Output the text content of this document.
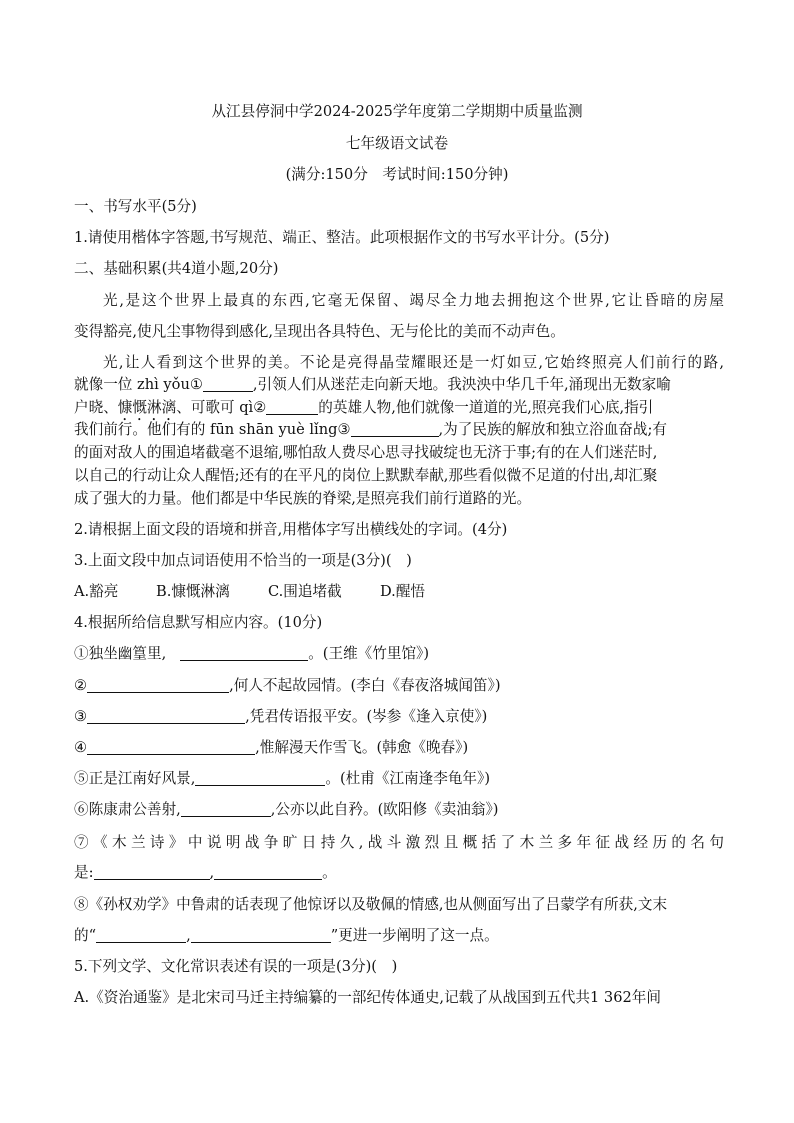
从江县停洞中学2024-2025学年度第二学期期中质量监测
七年级语文试卷
(满分:150分　考试时间:150分钟)
一、书写水平(5分)
1.请使用楷体字答题,书写规范、端正、整洁。此项根据作文的书写水平计分。(5分)
二、基础积累(共4道小题,20分)
光,是这个世界上最真的东西,它毫无保留、竭尽全力地去拥抱这个世界,它让昏暗的房屋
变得豁亮,使凡尘事物得到感化,呈现出各具特色、无与伦比的美而不动声色。
光,让人看到这个世界的美。不论是亮得晶莹耀眼还是一灯如豆,它始终照亮人们前行的路,
就像一位 zhì yǒu①	,引领人们从迷茫走向新天地。我泱泱中华几千年,涌现出无数家喻
户晓、慷慨淋漓、可歌可 qì②	的英雄人物,他们就像一道道的光,照亮我们心底,指引
我们前行。他们有的 fūn shān yuè lǐng③	,为了民族的解放和独立浴血奋战;有
的面对敌人的围追堵截毫不退缩,哪怕敌人费尽心思寻找破绽也无济于事;有的在人们迷茫时,
以自己的行动让众人醒悟;还有的在平凡的岗位上默默奉献,那些看似微不足道的付出,却汇聚
成了强大的力量。他们都是中华民族的脊梁,是照亮我们前行道路的光。
2.请根据上面文段的语境和拼音,用楷体字写出横线处的字词。(4分)
3.上面文段中加点词语使用不恰当的一项是(3分)(　)
A.豁亮	B.慷慨淋漓	C.围追堵截	D.醒悟
4.根据所给信息默写相应内容。(10分)
①独坐幽篁里,	。(王维《竹里馆》)
②	,何人不起故园情。(李白《春夜洛城闻笛》)
③	,凭君传语报平安。(岑参《逢入京使》)
④	,惟解漫天作雪飞。(韩愈《晚春》)
⑤正是江南好风景,	。(杜甫《江南逢李龟年》)
⑥陈康肃公善射,	,公亦以此自矜。(欧阳修《卖油翁》)
⑦《木兰诗》中说明战争旷日持久,战斗激烈且概括了木兰多年征战经历的名句
是:	,	。
⑧《孙权劝学》中鲁肃的话表现了他惊讶以及敬佩的情感,也从侧面写出了吕蒙学有所获,文末
的“	,	”更进一步阐明了这一点。
5.下列文学、文化常识表述有误的一项是(3分)(　)
A.《资治通鉴》是北宋司马迁主持编纂的一部纪传体通史,记载了从战国到五代共1 362年间
